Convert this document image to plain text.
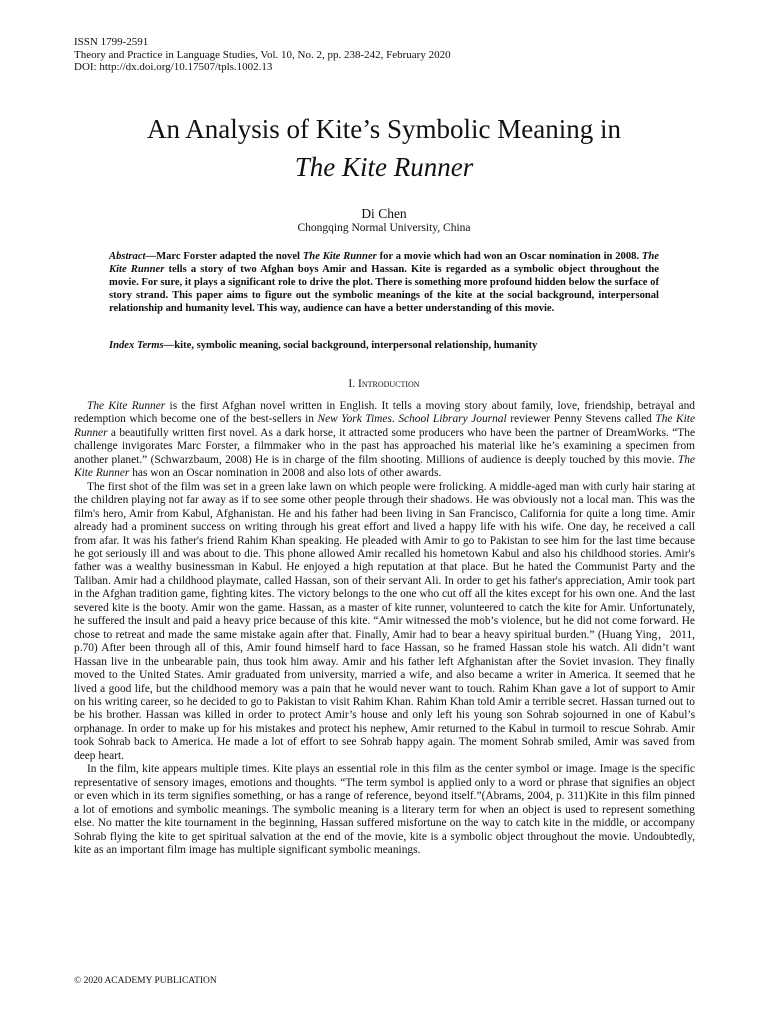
ISSN 1799-2591
Theory and Practice in Language Studies, Vol. 10, No. 2, pp. 238-242, February 2020
DOI: http://dx.doi.org/10.17507/tpls.1002.13
An Analysis of Kite’s Symbolic Meaning in
The Kite Runner
Di Chen
Chongqing Normal University, China
Abstract—Marc Forster adapted the novel The Kite Runner for a movie which had won an Oscar nomination in 2008. The Kite Runner tells a story of two Afghan boys Amir and Hassan. Kite is regarded as a symbolic object throughout the movie. For sure, it plays a significant role to drive the plot. There is something more profound hidden below the surface of story strand. This paper aims to figure out the symbolic meanings of the kite at the social background, interpersonal relationship and humanity level. This way, audience can have a better understanding of this movie.
Index Terms—kite, symbolic meaning, social background, interpersonal relationship, humanity
I. Introduction

The Kite Runner is the first Afghan novel written in English. It tells a moving story about family, love, friendship, betrayal and redemption which become one of the best-sellers in New York Times. School Library Journal reviewer Penny Stevens called The Kite Runner a beautifully written first novel. As a dark horse, it attracted some producers who have been the partner of DreamWorks. “The challenge invigorates Marc Forster, a filmmaker who in the past has approached his material like he’s examining a specimen from another planet.” (Schwarzbaum, 2008) He is in charge of the film shooting. Millions of audience is deeply touched by this movie. The Kite Runner has won an Oscar nomination in 2008 and also lots of other awards.

The first shot of the film was set in a green lake lawn on which people were frolicking. A middle-aged man with curly hair staring at the children playing not far away as if to see some other people through their shadows. He was obviously not a local man. This was the film's hero, Amir from Kabul, Afghanistan. He and his father had been living in San Francisco, California for quite a long time. Amir already had a prominent success on writing through his great effort and lived a happy life with his wife. One day, he received a call from afar. It was his father's friend Rahim Khan speaking. He pleaded with Amir to go to Pakistan to see him for the last time because he got seriously ill and was about to die. This phone allowed Amir recalled his hometown Kabul and also his childhood stories. Amir's father was a wealthy businessman in Kabul. He enjoyed a high reputation at that place. But he hated the Communist Party and the Taliban. Amir had a childhood playmate, called Hassan, son of their servant Ali. In order to get his father's appreciation, Amir took part in the Afghan tradition game, fighting kites. The victory belongs to the one who cut off all the kites except for his own one. And the last severed kite is the booty. Amir won the game. Hassan, as a master of kite runner, volunteered to catch the kite for Amir. Unfortunately, he suffered the insult and paid a heavy price because of this kite. “Amir witnessed the mob’s violence, but he did not come forward. He chose to retreat and made the same mistake again after that. Finally, Amir had to bear a heavy spiritual burden.” (Huang Ying，2011, p.70) After been through all of this, Amir found himself hard to face Hassan, so he framed Hassan stole his watch. Ali didn’t want Hassan live in the unbearable pain, thus took him away. Amir and his father left Afghanistan after the Soviet invasion. They finally moved to the United States. Amir graduated from university, married a wife, and also became a writer in America. It seemed that he lived a good life, but the childhood memory was a pain that he would never want to touch. Rahim Khan gave a lot of support to Amir on his writing career, so he decided to go to Pakistan to visit Rahim Khan. Rahim Khan told Amir a terrible secret. Hassan turned out to be his brother. Hassan was killed in order to protect Amir’s house and only left his young son Sohrab sojourned in one of Kabul’s orphanage. In order to make up for his mistakes and protect his nephew, Amir returned to the Kabul in turmoil to rescue Sohrab. Amir took Sohrab back to America. He made a lot of effort to see Sohrab happy again. The moment Sohrab smiled, Amir was saved from deep heart.

In the film, kite appears multiple times. Kite plays an essential role in this film as the center symbol or image. Image is the specific representative of sensory images, emotions and thoughts. “The term symbol is applied only to a word or phrase that signifies an object or even which in its term signifies something, or has a range of reference, beyond itself.”(Abrams, 2004, p. 311)Kite in this film pinned a lot of emotions and symbolic meanings. The symbolic meaning is a literary term for when an object is used to represent something else. No matter the kite tournament in the beginning, Hassan suffered misfortune on the way to catch kite in the middle, or accompany Sohrab flying the kite to get spiritual salvation at the end of the movie, kite is a symbolic object throughout the movie. Undoubtedly, kite as an important film image has multiple significant symbolic meanings.

© 2020 ACADEMY PUBLICATION
